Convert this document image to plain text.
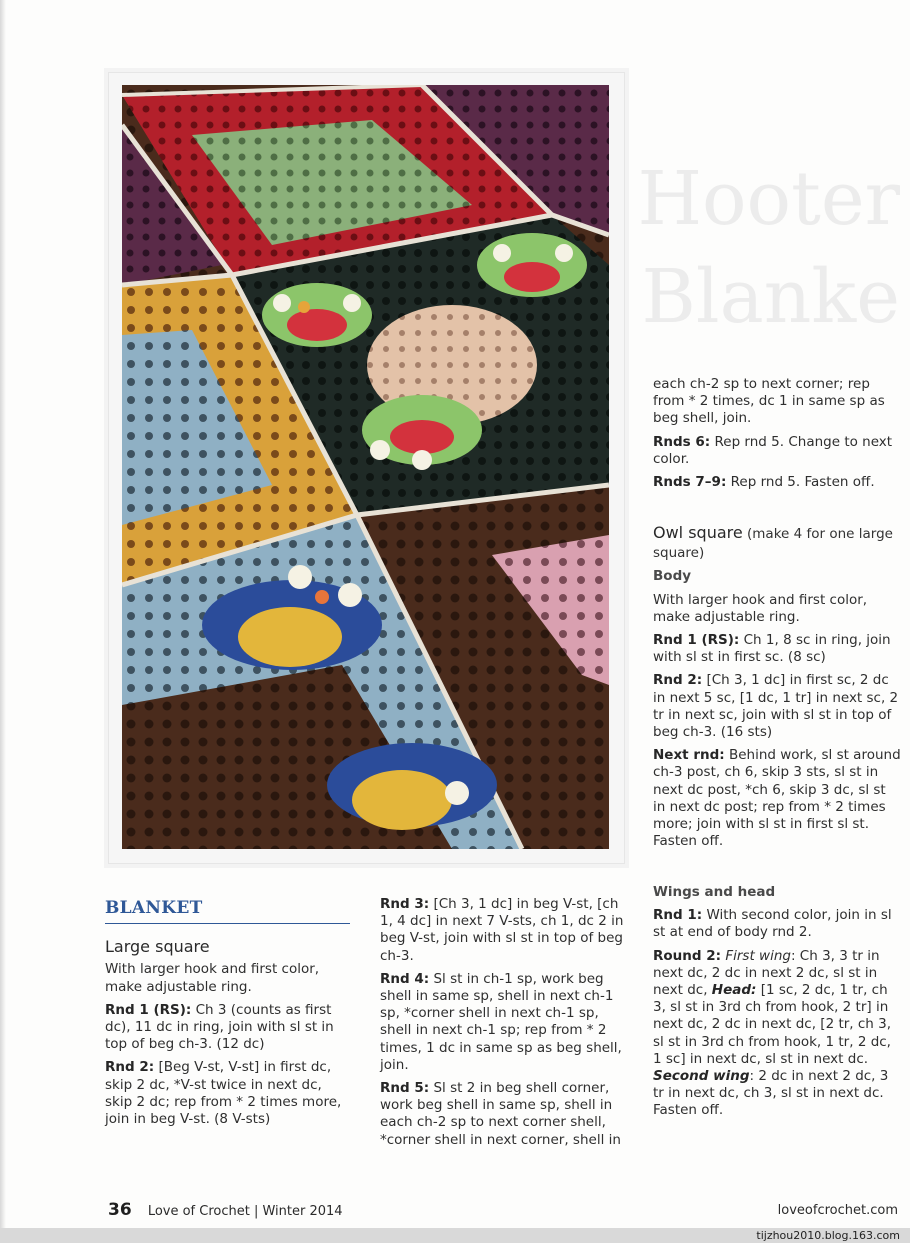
Hooter
Blanke

each ch-2 sp to next corner; rep from * 2 times, dc 1 in same sp as beg shell, join.

Rnds 6: Rep rnd 5. Change to next color.

Rnds 7–9: Rep rnd 5. Fasten off.

Owl square (make 4 for one large square)

Body

With larger hook and first color, make adjustable ring.

Rnd 1 (RS): Ch 1, 8 sc in ring, join with sl st in first sc. (8 sc)

Rnd 2: [Ch 3, 1 dc] in first sc, 2 dc in next 5 sc, [1 dc, 1 tr] in next sc, 2 tr in next sc, join with sl st in top of beg ch-3. (16 sts)

Next rnd: Behind work, sl st around ch-3 post, ch 6, skip 3 sts, sl st in next dc post, *ch 6, skip 3 dc, sl st in next dc post; rep from * 2 times more; join with sl st in first sl st. Fasten off.

Wings and head

Rnd 1: With second color, join in sl st at end of body rnd 2.

Round 2: First wing: Ch 3, 3 tr in next dc, 2 dc in next 2 dc, sl st in next dc, Head: [1 sc, 2 dc, 1 tr, ch 3, sl st in 3rd ch from hook, 2 tr] in next dc, 2 dc in next dc, [2 tr, ch 3, sl st in 3rd ch from hook, 1 tr, 2 dc, 1 sc] in next dc, sl st in next dc. Second wing: 2 dc in next 2 dc, 3 tr in next dc, ch 3, sl st in next dc. Fasten off.

BLANKET

Large square

With larger hook and first color, make adjustable ring.

Rnd 1 (RS): Ch 3 (counts as first dc), 11 dc in ring, join with sl st in top of beg ch-3. (12 dc)

Rnd 2: [Beg V-st, V-st] in first dc, skip 2 dc, *V-st twice in next dc, skip 2 dc; rep from * 2 times more, join in beg V-st. (8 V-sts)

Rnd 3: [Ch 3, 1 dc] in beg V-st, [ch 1, 4 dc] in next 7 V-sts, ch 1, dc 2 in beg V-st, join with sl st in top of beg ch-3.

Rnd 4: Sl st in ch-1 sp, work beg shell in same sp, shell in next ch-1 sp, *corner shell in next ch-1 sp, shell in next ch-1 sp; rep from * 2 times, 1 dc in same sp as beg shell, join.

Rnd 5: Sl st 2 in beg shell corner, work beg shell in same sp, shell in each ch-2 sp to next corner shell, *corner shell in next corner, shell in

36 Love of Crochet | Winter 2014	loveofcrochet.com
tijzhou2010.blog.163.com
